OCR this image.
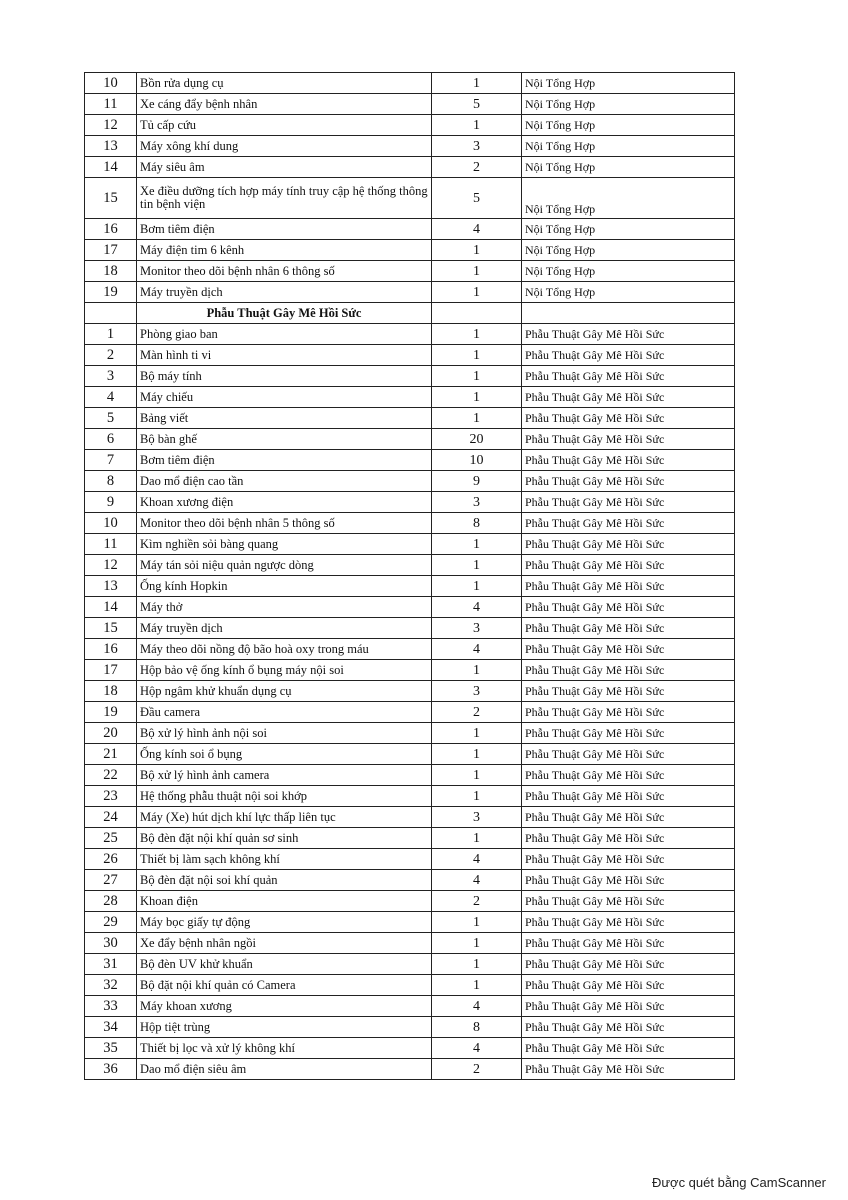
10	Bồn rửa dụng cụ	1	Nội Tổng Hợp
11	Xe cáng đẩy bệnh nhân	5	Nội Tổng Hợp
12	Tủ cấp cứu	1	Nội Tổng Hợp
13	Máy xông khí dung	3	Nội Tổng Hợp
14	Máy siêu âm	2	Nội Tổng Hợp
15	Xe điều dưỡng tích hợp máy tính truy cập hệ thống thông tin bệnh viện	5	Nội Tổng Hợp
16	Bơm tiêm điện	4	Nội Tổng Hợp
17	Máy điện tim 6 kênh	1	Nội Tổng Hợp
18	Monitor theo dõi bệnh nhân 6 thông số	1	Nội Tổng Hợp
19	Máy truyền dịch	1	Nội Tổng Hợp
	Phẫu Thuật Gây Mê Hồi Sức		
1	Phòng giao ban	1	Phẫu Thuật Gây Mê Hồi Sức
2	Màn hình ti vi	1	Phẫu Thuật Gây Mê Hồi Sức
3	Bộ máy tính	1	Phẫu Thuật Gây Mê Hồi Sức
4	Máy chiếu	1	Phẫu Thuật Gây Mê Hồi Sức
5	Bảng viết	1	Phẫu Thuật Gây Mê Hồi Sức
6	Bộ bàn ghế	20	Phẫu Thuật Gây Mê Hồi Sức
7	Bơm tiêm điện	10	Phẫu Thuật Gây Mê Hồi Sức
8	Dao mổ điện cao tần	9	Phẫu Thuật Gây Mê Hồi Sức
9	Khoan xương điện	3	Phẫu Thuật Gây Mê Hồi Sức
10	Monitor theo dõi bệnh nhân 5 thông số	8	Phẫu Thuật Gây Mê Hồi Sức
11	Kìm nghiền sỏi bàng quang	1	Phẫu Thuật Gây Mê Hồi Sức
12	Máy tán sỏi niệu quản ngược dòng	1	Phẫu Thuật Gây Mê Hồi Sức
13	Ống kính Hopkin	1	Phẫu Thuật Gây Mê Hồi Sức
14	Máy thở	4	Phẫu Thuật Gây Mê Hồi Sức
15	Máy truyền dịch	3	Phẫu Thuật Gây Mê Hồi Sức
16	Máy theo dõi nồng độ bão hoà oxy trong máu	4	Phẫu Thuật Gây Mê Hồi Sức
17	Hộp bảo vệ ống kính ổ bụng máy nội soi	1	Phẫu Thuật Gây Mê Hồi Sức
18	Hộp ngâm khử khuẩn dụng cụ	3	Phẫu Thuật Gây Mê Hồi Sức
19	Đầu camera	2	Phẫu Thuật Gây Mê Hồi Sức
20	Bộ xử lý hình ảnh nội soi	1	Phẫu Thuật Gây Mê Hồi Sức
21	Ống kính soi ổ bụng	1	Phẫu Thuật Gây Mê Hồi Sức
22	Bộ xử lý hình ảnh camera	1	Phẫu Thuật Gây Mê Hồi Sức
23	Hệ thống phẫu thuật nội soi khớp	1	Phẫu Thuật Gây Mê Hồi Sức
24	Máy (Xe) hút dịch khí lực thấp liên tục	3	Phẫu Thuật Gây Mê Hồi Sức
25	Bộ đèn đặt nội khí quản sơ sinh	1	Phẫu Thuật Gây Mê Hồi Sức
26	Thiết bị làm sạch không khí	4	Phẫu Thuật Gây Mê Hồi Sức
27	Bộ đèn đặt nội soi khí quản	4	Phẫu Thuật Gây Mê Hồi Sức
28	Khoan điện	2	Phẫu Thuật Gây Mê Hồi Sức
29	Máy bọc giấy tự động	1	Phẫu Thuật Gây Mê Hồi Sức
30	Xe đẩy bệnh nhân ngồi	1	Phẫu Thuật Gây Mê Hồi Sức
31	Bộ đèn UV khử khuẩn	1	Phẫu Thuật Gây Mê Hồi Sức
32	Bộ đặt nội khí quản có Camera	1	Phẫu Thuật Gây Mê Hồi Sức
33	Máy khoan xương	4	Phẫu Thuật Gây Mê Hồi Sức
34	Hộp tiệt trùng	8	Phẫu Thuật Gây Mê Hồi Sức
35	Thiết bị lọc và xử lý không khí	4	Phẫu Thuật Gây Mê Hồi Sức
36	Dao mổ điện siêu âm	2	Phẫu Thuật Gây Mê Hồi Sức
Được quét bằng CamScanner
